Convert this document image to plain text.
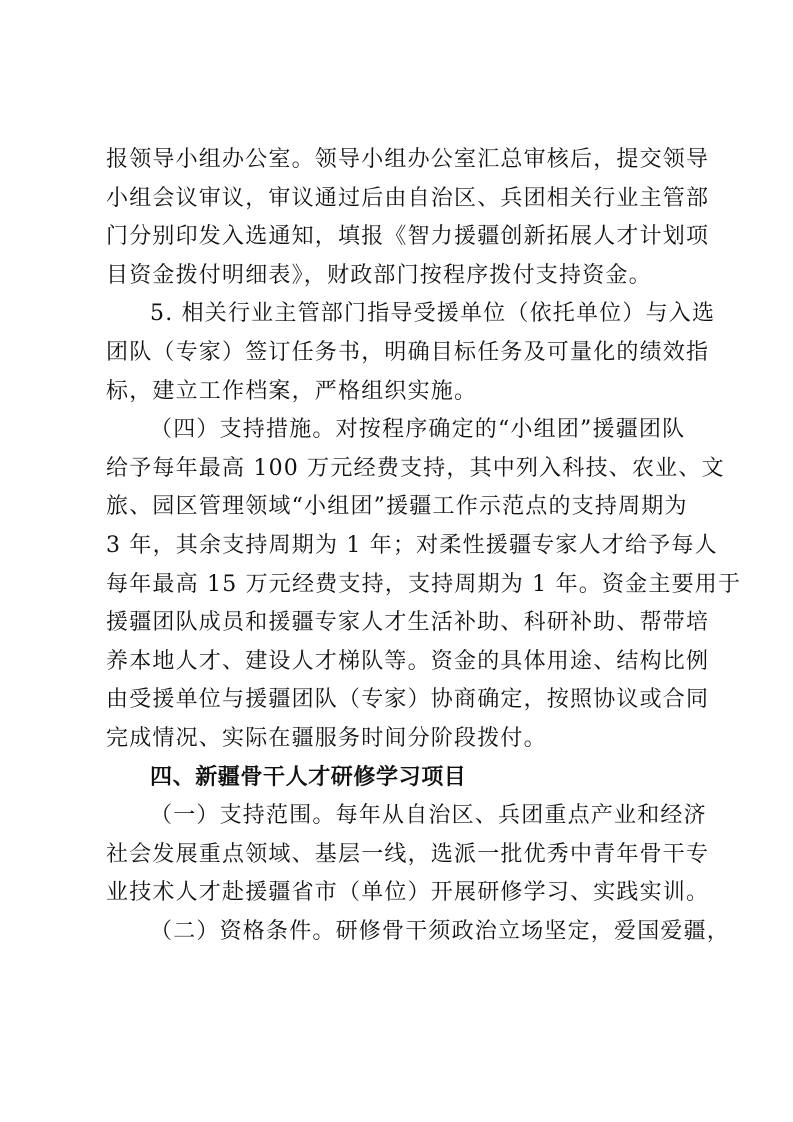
报领导小组办公室。领导小组办公室汇总审核后，提交领导
小组会议审议，审议通过后由自治区、兵团相关行业主管部
门分别印发入选通知，填报《智力援疆创新拓展人才计划项
目资金拨付明细表》，财政部门按程序拨付支持资金。
5. 相关行业主管部门指导受援单位（依托单位）与入选
团队（专家）签订任务书，明确目标任务及可量化的绩效指
标，建立工作档案，严格组织实施。
（四）支持措施。对按程序确定的“小组团”援疆团队
给予每年最高 100 万元经费支持，其中列入科技、农业、文
旅、园区管理领域“小组团”援疆工作示范点的支持周期为
3 年，其余支持周期为 1 年；对柔性援疆专家人才给予每人
每年最高 15 万元经费支持，支持周期为 1 年。资金主要用于
援疆团队成员和援疆专家人才生活补助、科研补助、帮带培
养本地人才、建设人才梯队等。资金的具体用途、结构比例
由受援单位与援疆团队（专家）协商确定，按照协议或合同
完成情况、实际在疆服务时间分阶段拨付。
四、新疆骨干人才研修学习项目
（一）支持范围。每年从自治区、兵团重点产业和经济
社会发展重点领域、基层一线，选派一批优秀中青年骨干专
业技术人才赴援疆省市（单位）开展研修学习、实践实训。
（二）资格条件。研修骨干须政治立场坚定，爱国爱疆，
